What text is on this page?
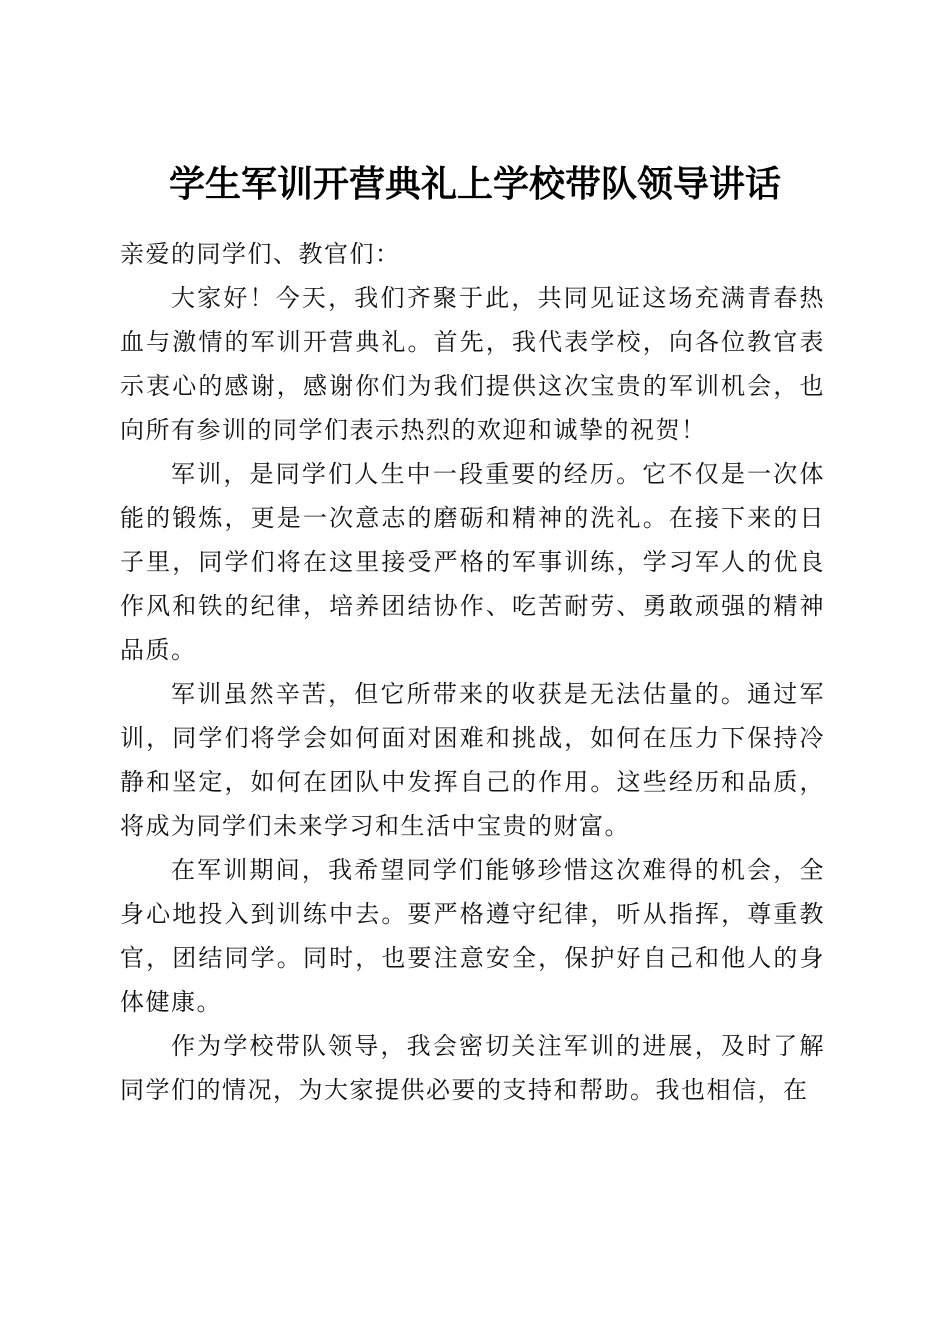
学生军训开营典礼上学校带队领导讲话

亲爱的同学们、教官们：

大家好！今天，我们齐聚于此，共同见证这场充满青春热血与激情的军训开营典礼。首先，我代表学校，向各位教官表示衷心的感谢，感谢你们为我们提供这次宝贵的军训机会，也向所有参训的同学们表示热烈的欢迎和诚挚的祝贺！

军训，是同学们人生中一段重要的经历。它不仅是一次体能的锻炼，更是一次意志的磨砺和精神的洗礼。在接下来的日子里，同学们将在这里接受严格的军事训练，学习军人的优良作风和铁的纪律，培养团结协作、吃苦耐劳、勇敢顽强的精神品质。

军训虽然辛苦，但它所带来的收获是无法估量的。通过军训，同学们将学会如何面对困难和挑战，如何在压力下保持冷静和坚定，如何在团队中发挥自己的作用。这些经历和品质，将成为同学们未来学习和生活中宝贵的财富。

在军训期间，我希望同学们能够珍惜这次难得的机会，全身心地投入到训练中去。要严格遵守纪律，听从指挥，尊重教官，团结同学。同时，也要注意安全，保护好自己和他人的身体健康。

作为学校带队领导，我会密切关注军训的进展，及时了解同学们的情况，为大家提供必要的支持和帮助。我也相信，在
